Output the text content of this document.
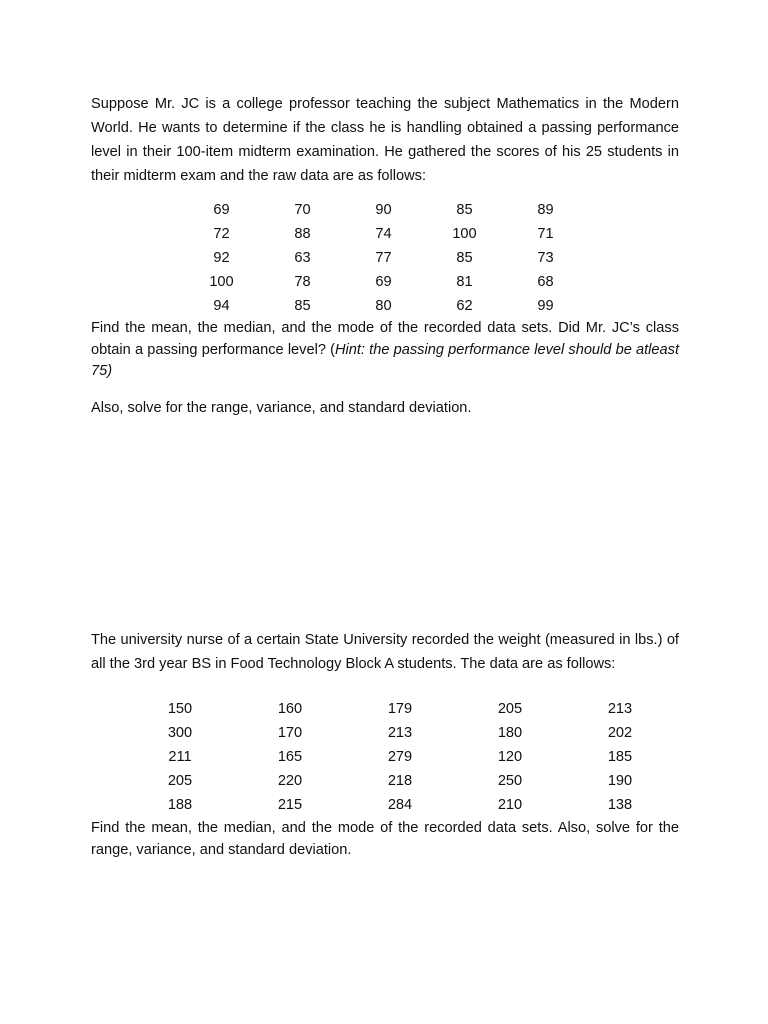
Suppose Mr. JC is a college professor teaching the subject Mathematics in the Modern World. He wants to determine if the class he is handling obtained a passing performance level in their 100-item midterm examination. He gathered the scores of his 25 students in their midterm exam and the raw data are as follows:

69	70	90	85	89
72	88	74	100	71
92	63	77	85	73
100	78	69	81	68
94	85	80	62	99

Find the mean, the median, and the mode of the recorded data sets. Did Mr. JC’s class obtain a passing performance level? (Hint: the passing performance level should be atleast 75)

Also, solve for the range, variance, and standard deviation.

The university nurse of a certain State University recorded the weight (measured in lbs.) of all the 3rd year BS in Food Technology Block A students. The data are as follows:

150	160	179	205	213
300	170	213	180	202
211	165	279	120	185
205	220	218	250	190
188	215	284	210	138

Find the mean, the median, and the mode of the recorded data sets. Also, solve for the range, variance, and standard deviation.
